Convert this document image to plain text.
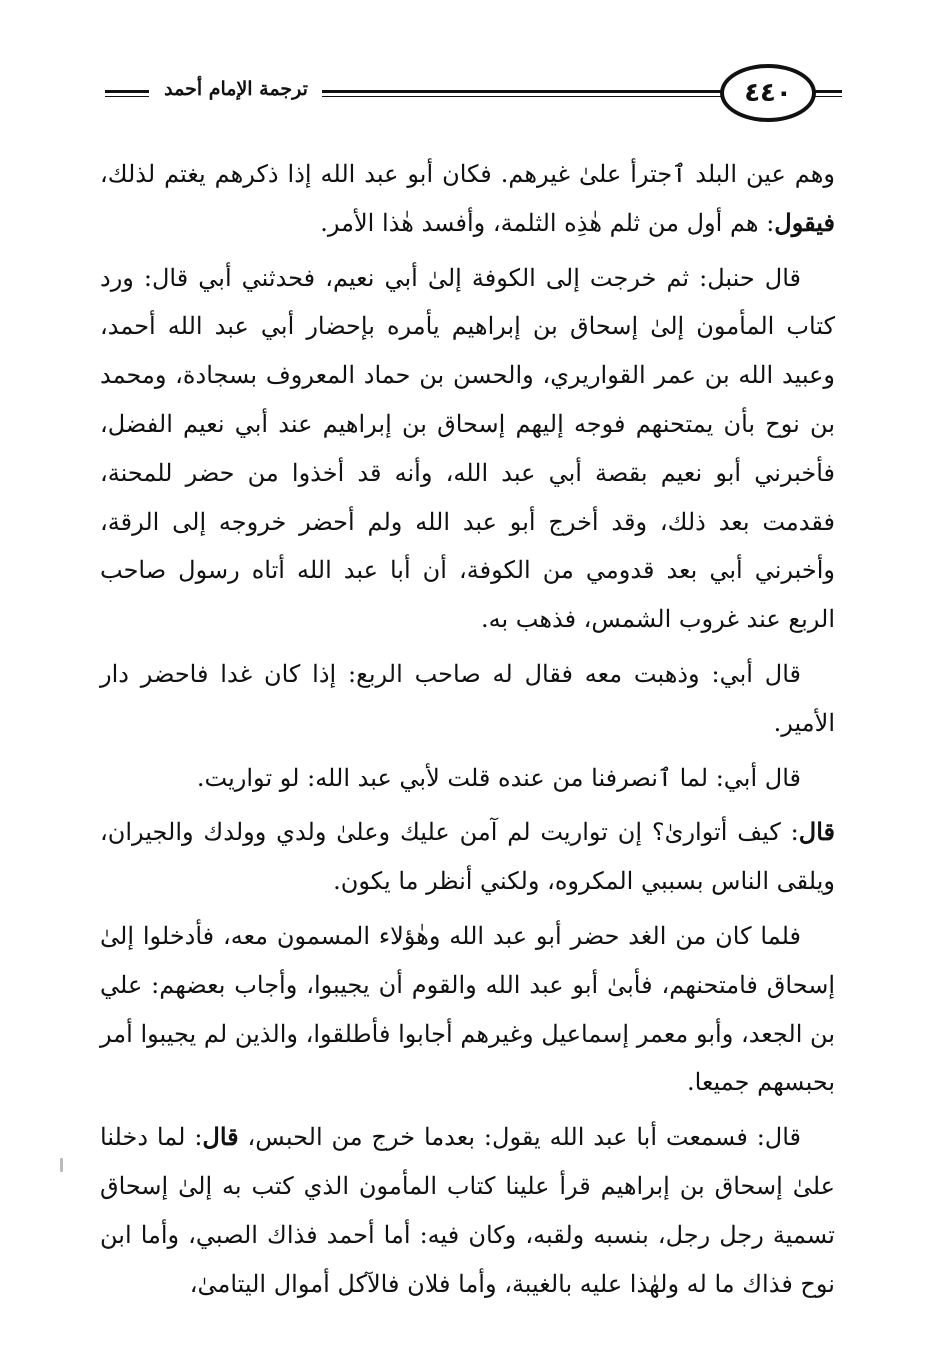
ترجمة الإمام أحمد	٤٤٠

وهم عين البلد ٱجترأ علىٰ غيرهم. فكان أبو عبد الله إذا ذكرهم يغتم لذلك، فيقول: هم أول من ثلم هٰذِه الثلمة، وأفسد هٰذا الأمر.

قال حنبل: ثم خرجت إلى الكوفة إلىٰ أبي نعيم، فحدثني أبي قال: ورد كتاب المأمون إلىٰ إسحاق بن إبراهيم يأمره بإحضار أبي عبد الله أحمد، وعبيد الله بن عمر القواريري، والحسن بن حماد المعروف بسجادة، ومحمد بن نوح بأن يمتحنهم فوجه إليهم إسحاق بن إبراهيم عند أبي نعيم الفضل، فأخبرني أبو نعيم بقصة أبي عبد الله، وأنه قد أخذوا من حضر للمحنة، فقدمت بعد ذلك، وقد أخرج أبو عبد الله ولم أحضر خروجه إلى الرقة، وأخبرني أبي بعد قدومي من الكوفة، أن أبا عبد الله أتاه رسول صاحب الربع عند غروب الشمس، فذهب به.

قال أبي: وذهبت معه فقال له صاحب الربع: إذا كان غدا فاحضر دار الأمير.

قال أبي: لما ٱنصرفنا من عنده قلت لأبي عبد الله: لو تواريت.

قال: كيف أتوارىٰ؟ إن تواريت لم آمن عليك وعلىٰ ولدي وولدك والجيران، ويلقى الناس بسببي المكروه، ولكني أنظر ما يكون.

فلما كان من الغد حضر أبو عبد الله وهٰؤلاء المسمون معه، فأدخلوا إلىٰ إسحاق فامتحنهم، فأبىٰ أبو عبد الله والقوم أن يجيبوا، وأجاب بعضهم: علي بن الجعد، وأبو معمر إسماعيل وغيرهم أجابوا فأطلقوا، والذين لم يجيبوا أمر بحبسهم جميعا.

قال: فسمعت أبا عبد الله يقول: بعدما خرج من الحبس، قال: لما دخلنا علىٰ إسحاق بن إبراهيم قرأ علينا كتاب المأمون الذي كتب به إلىٰ إسحاق تسمية رجل رجل، بنسبه ولقبه، وكان فيه: أما أحمد فذاك الصبي، وأما ابن نوح فذاك ما له ولهٰذا عليه بالغيبة، وأما فلان فالآكل أموال اليتامىٰ،
